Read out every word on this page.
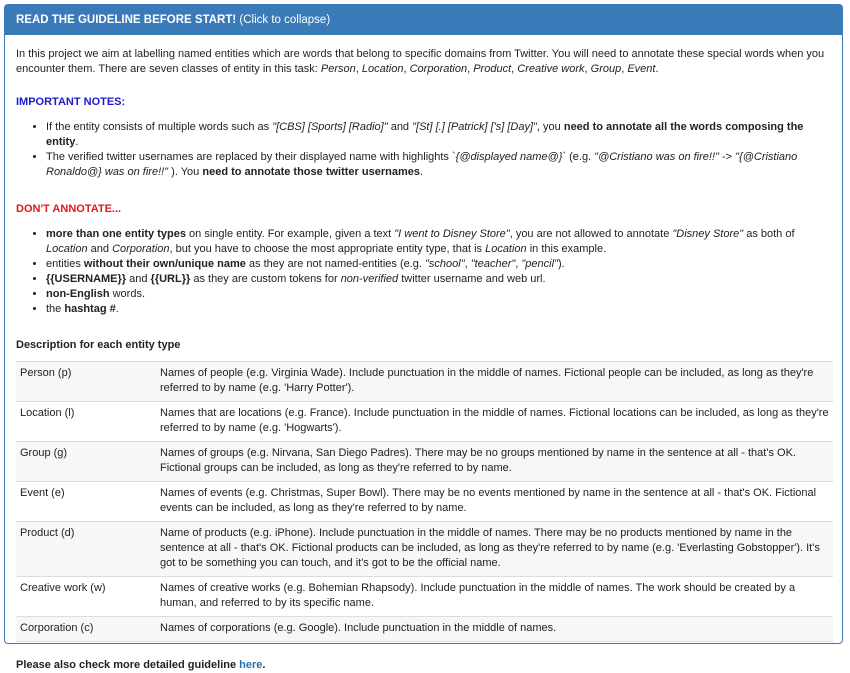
READ THE GUIDELINE BEFORE START! (Click to collapse)

In this project we aim at labelling named entities which are words that belong to specific domains from Twitter. You will need to annotate these special words when you encounter them. There are seven classes of entity in this task: Person, Location, Corporation, Product, Creative work, Group, Event.

IMPORTANT NOTES:

• If the entity consists of multiple words such as "[CBS] [Sports] [Radio]" and "[St] [.] [Patrick] ['s] [Day]", you need to annotate all the words composing the entity.
• The verified twitter usernames are replaced by their displayed name with highlights `{@displayed name@}` (e.g. "@Cristiano was on fire!!" -> "{@Cristiano Ronaldo@} was on fire!!" ). You need to annotate those twitter usernames.

DON'T ANNOTATE...

• more than one entity types on single entity. For example, given a text "I went to Disney Store", you are not allowed to annotate "Disney Store" as both of Location and Corporation, but you have to choose the most appropriate entity type, that is Location in this example.
• entities without their own/unique name as they are not named-entities (e.g. "school", "teacher", "pencil").
• {{USERNAME}} and {{URL}} as they are custom tokens for non-verified twitter username and web url.
• non-English words.
• the hashtag #.

Description for each entity type

Person (p)	Names of people (e.g. Virginia Wade). Include punctuation in the middle of names. Fictional people can be included, as long as they're referred to by name (e.g. 'Harry Potter').
Location (l)	Names that are locations (e.g. France). Include punctuation in the middle of names. Fictional locations can be included, as long as they're referred to by name (e.g. 'Hogwarts').
Group (g)	Names of groups (e.g. Nirvana, San Diego Padres). There may be no groups mentioned by name in the sentence at all - that's OK. Fictional groups can be included, as long as they're referred to by name.
Event (e)	Names of events (e.g. Christmas, Super Bowl). There may be no events mentioned by name in the sentence at all - that's OK. Fictional events can be included, as long as they're referred to by name.
Product (d)	Name of products (e.g. iPhone). Include punctuation in the middle of names. There may be no products mentioned by name in the sentence at all - that's OK. Fictional products can be included, as long as they're referred to by name (e.g. 'Everlasting Gobstopper'). It's got to be something you can touch, and it's got to be the official name.
Creative work (w)	Names of creative works (e.g. Bohemian Rhapsody). Include punctuation in the middle of names. The work should be created by a human, and referred to by its specific name.
Corporation (c)	Names of corporations (e.g. Google). Include punctuation in the middle of names.

Please also check more detailed guideline here.
